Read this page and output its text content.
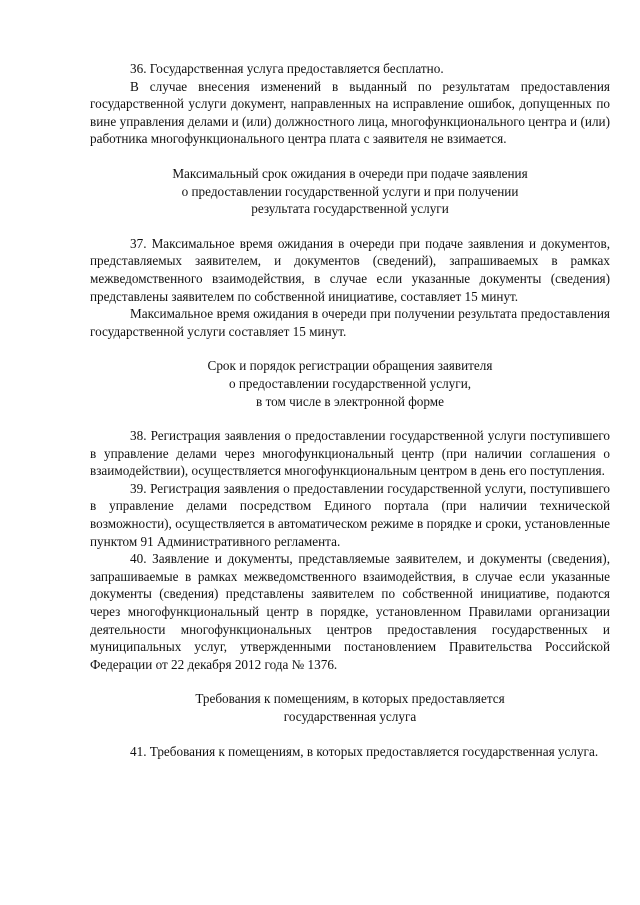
36. Государственная услуга предоставляется бесплатно.

В случае внесения изменений в выданный по результатам предоставления государственной услуги документ, направленных на исправление ошибок, допущенных по вине управления делами и (или) должностного лица, многофункционального центра и (или) работника многофункционального центра плата с заявителя не взимается.

Максимальный срок ожидания в очереди при подаче заявления
о предоставлении государственной услуги и при получении
результата государственной услуги

37. Максимальное время ожидания в очереди при подаче заявления и документов, представляемых заявителем, и документов (сведений), запрашиваемых в рамках межведомственного взаимодействия, в случае если указанные документы (сведения) представлены заявителем по собственной инициативе, составляет 15 минут.

Максимальное время ожидания в очереди при получении результата предоставления государственной услуги составляет 15 минут.

Срок и порядок регистрации обращения заявителя
о предоставлении государственной услуги,
в том числе в электронной форме

38. Регистрация заявления о предоставлении государственной услуги поступившего в управление делами через многофункциональный центр (при наличии соглашения о взаимодействии), осуществляется многофункциональным центром в день его поступления.

39. Регистрация заявления о предоставлении государственной услуги, поступившего в управление делами посредством Единого портала (при наличии технической возможности), осуществляется в автоматическом режиме в порядке и сроки, установленные пунктом 91 Административного регламента.

40. Заявление и документы, представляемые заявителем, и документы (сведения), запрашиваемые в рамках межведомственного взаимодействия, в случае если указанные документы (сведения) представлены заявителем по собственной инициативе, подаются через многофункциональный центр в порядке, установленном Правилами организации деятельности многофункциональных центров предоставления государственных и муниципальных услуг, утвержденными постановлением Правительства Российской Федерации от 22 декабря 2012 года № 1376.

Требования к помещениям, в которых предоставляется
государственная услуга

41. Требования к помещениям, в которых предоставляется государственная услуга.
